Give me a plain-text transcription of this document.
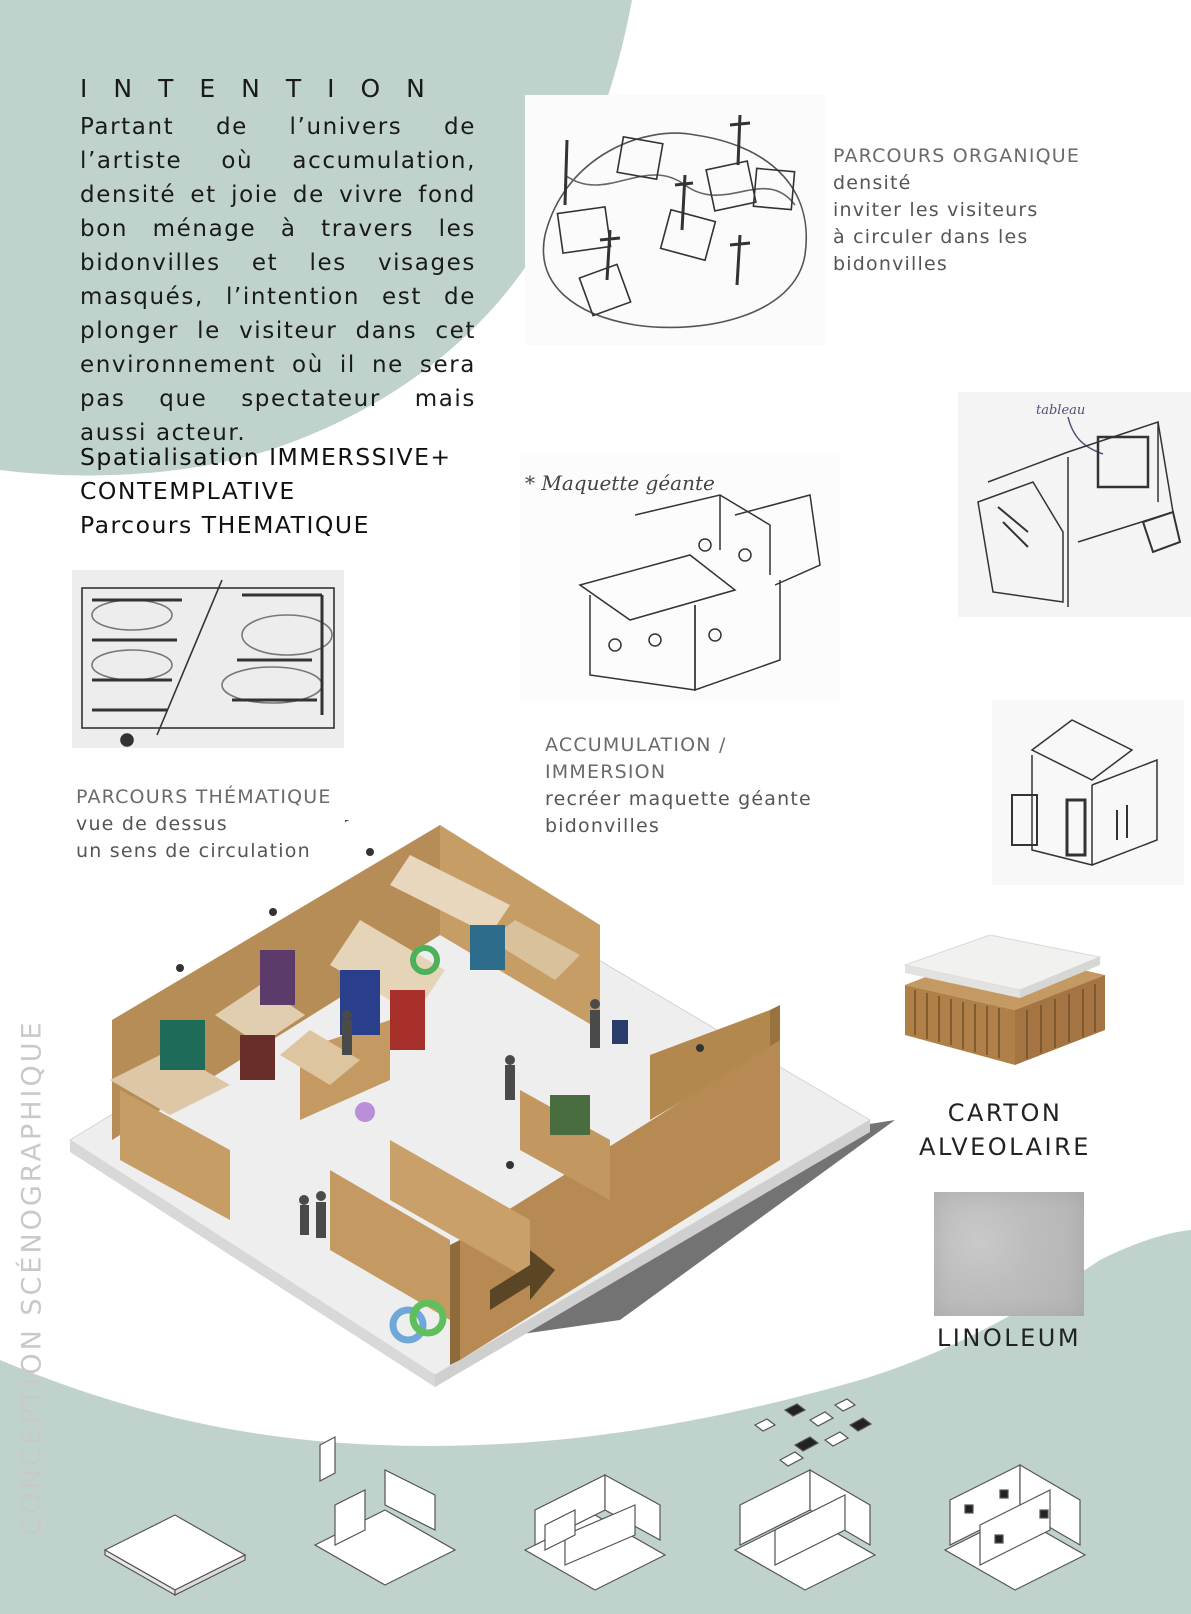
INTENTION
Partant de l’univers de l’artiste où accumulation, densité et joie de vivre fond bon ménage à travers les bidonvilles et les visages masqués, l’intention est de plonger le visiteur dans cet environnement où il ne sera pas que spectateur mais aussi acteur.
Spatialisation IMMERSSIVE+
CONTEMPLATIVE
Parcours THEMATIQUE
PARCOURS ORGANIQUE
densité
inviter les visiteurs
à circuler dans les
bidonvilles
PARCOURS THÉMATIQUE
vue de dessus
un sens de circulation
* Maquette géante
ACCUMULATION /
IMMERSION
recréer maquette géante
bidonvilles
tableau
CARTON
ALVEOLAIRE
LINOLEUM
CONCEPTION SCÉNOGRAPHIQUE
